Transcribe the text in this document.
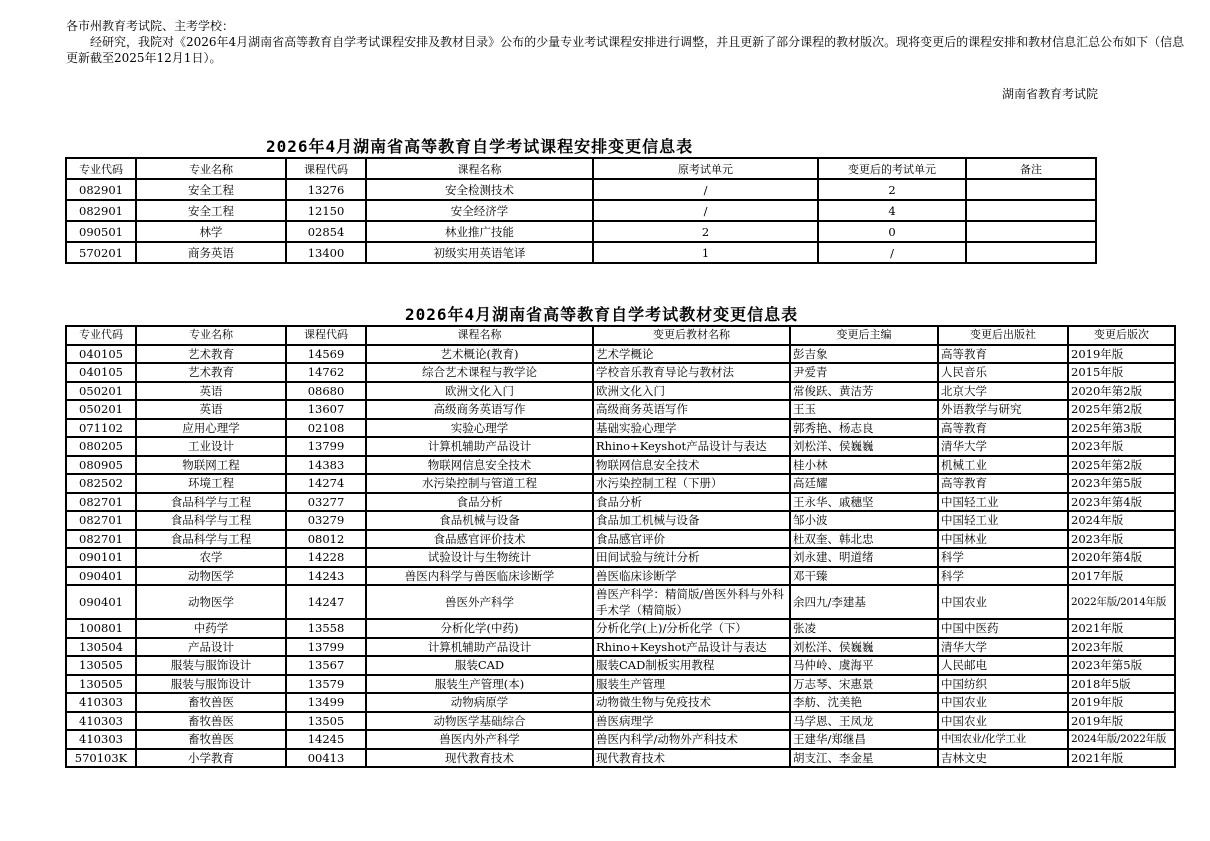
各市州教育考试院、主考学校：

经研究，我院对《2026年4月湖南省高等教育自学考试课程安排及教材目录》公布的少量专业考试课程安排进行调整，并且更新了部分课程的教材版次。现将变更后的课程安排和教材信息汇总公布如下（信息更新截至2025年12月1日）。

湖南省教育考试院
2026年4月湖南省高等教育自学考试课程安排变更信息表
专业代码	专业名称	课程代码	课程名称	原考试单元	变更后的考试单元	备注
082901	安全工程	13276	安全检测技术	/	2	
082901	安全工程	12150	安全经济学	/	4	
090501	林学	02854	林业推广技能	2	0	
570201	商务英语	13400	初级实用英语笔译	1	/	
2026年4月湖南省高等教育自学考试教材变更信息表
专业代码	专业名称	课程代码	课程名称	变更后教材名称	变更后主编	变更后出版社	变更后版次
040105	艺术教育	14569	艺术概论(教育)	艺术学概论	彭吉象	高等教育	2019年版
040105	艺术教育	14762	综合艺术课程与教学论	学校音乐教育导论与教材法	尹爱青	人民音乐	2015年版
050201	英语	08680	欧洲文化入门	欧洲文化入门	常俊跃、黄洁芳	北京大学	2020年第2版
050201	英语	13607	高级商务英语写作	高级商务英语写作	王玉	外语教学与研究	2025年第2版
071102	应用心理学	02108	实验心理学	基础实验心理学	郭秀艳、杨志良	高等教育	2025年第3版
080205	工业设计	13799	计算机辅助产品设计	Rhino+Keyshot产品设计与表达	刘松洋、侯巍巍	清华大学	2023年版
080905	物联网工程	14383	物联网信息安全技术	物联网信息安全技术	桂小林	机械工业	2025年第2版
082502	环境工程	14274	水污染控制与管道工程	水污染控制工程（下册）	高廷耀	高等教育	2023年第5版
082701	食品科学与工程	03277	食品分析	食品分析	王永华、戚穗坚	中国轻工业	2023年第4版
082701	食品科学与工程	03279	食品机械与设备	食品加工机械与设备	邹小波	中国轻工业	2024年版
082701	食品科学与工程	08012	食品感官评价技术	食品感官评价	杜双奎、韩北忠	中国林业	2023年版
090101	农学	14228	试验设计与生物统计	田间试验与统计分析	刘永建、明道绪	科学	2020年第4版
090401	动物医学	14243	兽医内科学与兽医临床诊断学	兽医临床诊断学	邓干臻	科学	2017年版
090401	动物医学	14247	兽医外产科学	兽医产科学：精简版/兽医外科与外科手术学（精简版）	余四九/李建基	中国农业	2022年版/2014年版
100801	中药学	13558	分析化学(中药)	分析化学(上)/分析化学（下）	张凌	中国中医药	2021年版
130504	产品设计	13799	计算机辅助产品设计	Rhino+Keyshot产品设计与表达	刘松洋、侯巍巍	清华大学	2023年版
130505	服装与服饰设计	13567	服装CAD	服装CAD制板实用教程	马仲岭、虞海平	人民邮电	2023年第5版
130505	服装与服饰设计	13579	服装生产管理(本)	服装生产管理	万志琴、宋惠景	中国纺织	2018年5版
410303	畜牧兽医	13499	动物病原学	动物微生物与免疫技术	李舫、沈美艳	中国农业	2019年版
410303	畜牧兽医	13505	动物医学基础综合	兽医病理学	马学恩、王凤龙	中国农业	2019年版
410303	畜牧兽医	14245	兽医内外产科学	兽医内科学/动物外产科技术	王建华/郑继昌	中国农业/化学工业	2024年版/2022年版
570103K	小学教育	00413	现代教育技术	现代教育技术	胡支江、李金星	吉林文史	2021年版
